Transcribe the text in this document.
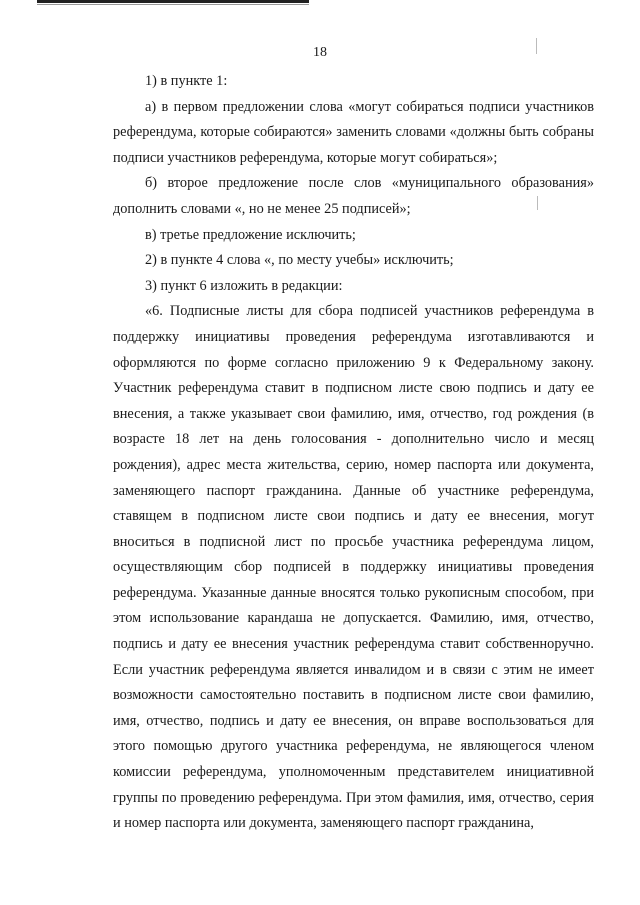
18

1) в пункте 1:

а) в первом предложении слова «могут собираться подписи участников референдума, которые собираются» заменить словами «должны быть собраны подписи участников референдума, которые могут собираться»;

б) второе предложение после слов «муниципального образования» дополнить словами «, но не менее 25 подписей»;

в) третье предложение исключить;

2) в пункте 4 слова «, по месту учебы» исключить;

3) пункт 6 изложить в редакции:

«6. Подписные листы для сбора подписей участников референдума в поддержку инициативы проведения референдума изготавливаются и оформляются по форме согласно приложению 9 к Федеральному закону. Участник референдума ставит в подписном листе свою подпись и дату ее внесения, а также указывает свои фамилию, имя, отчество, год рождения (в возрасте 18 лет на день голосования - дополнительно число и месяц рождения), адрес места жительства, серию, номер паспорта или документа, заменяющего паспорт гражданина. Данные об участнике референдума, ставящем в подписном листе свои подпись и дату ее внесения, могут вноситься в подписной лист по просьбе участника референдума лицом, осуществляющим сбор подписей в поддержку инициативы проведения референдума. Указанные данные вносятся только рукописным способом, при этом использование карандаша не допускается. Фамилию, имя, отчество, подпись и дату ее внесения участник референдума ставит собственноручно. Если участник референдума является инвалидом и в связи с этим не имеет возможности самостоятельно поставить в подписном листе свои фамилию, имя, отчество, подпись и дату ее внесения, он вправе воспользоваться для этого помощью другого участника референдума, не являющегося членом комиссии референдума, уполномоченным представителем инициативной группы по проведению референдума. При этом фамилия, имя, отчество, серия и номер паспорта или документа, заменяющего паспорт гражданина,
